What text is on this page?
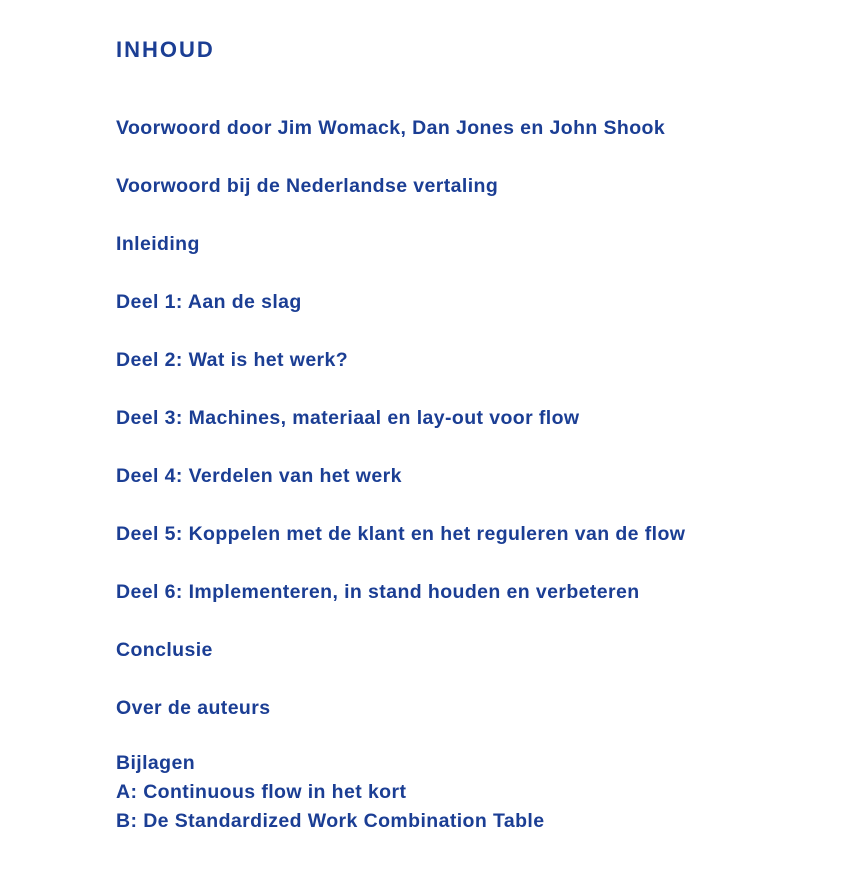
INHOUD
Voorwoord door Jim Womack, Dan Jones en John Shook
Voorwoord bij de Nederlandse vertaling
Inleiding
Deel 1: Aan de slag
Deel 2: Wat is het werk?
Deel 3: Machines, materiaal en lay-out voor flow
Deel 4: Verdelen van het werk
Deel 5: Koppelen met de klant en het reguleren van de flow
Deel 6: Implementeren, in stand houden en verbeteren
Conclusie
Over de auteurs
Bijlagen
A: Continuous flow in het kort
B: De Standardized Work Combination Table
